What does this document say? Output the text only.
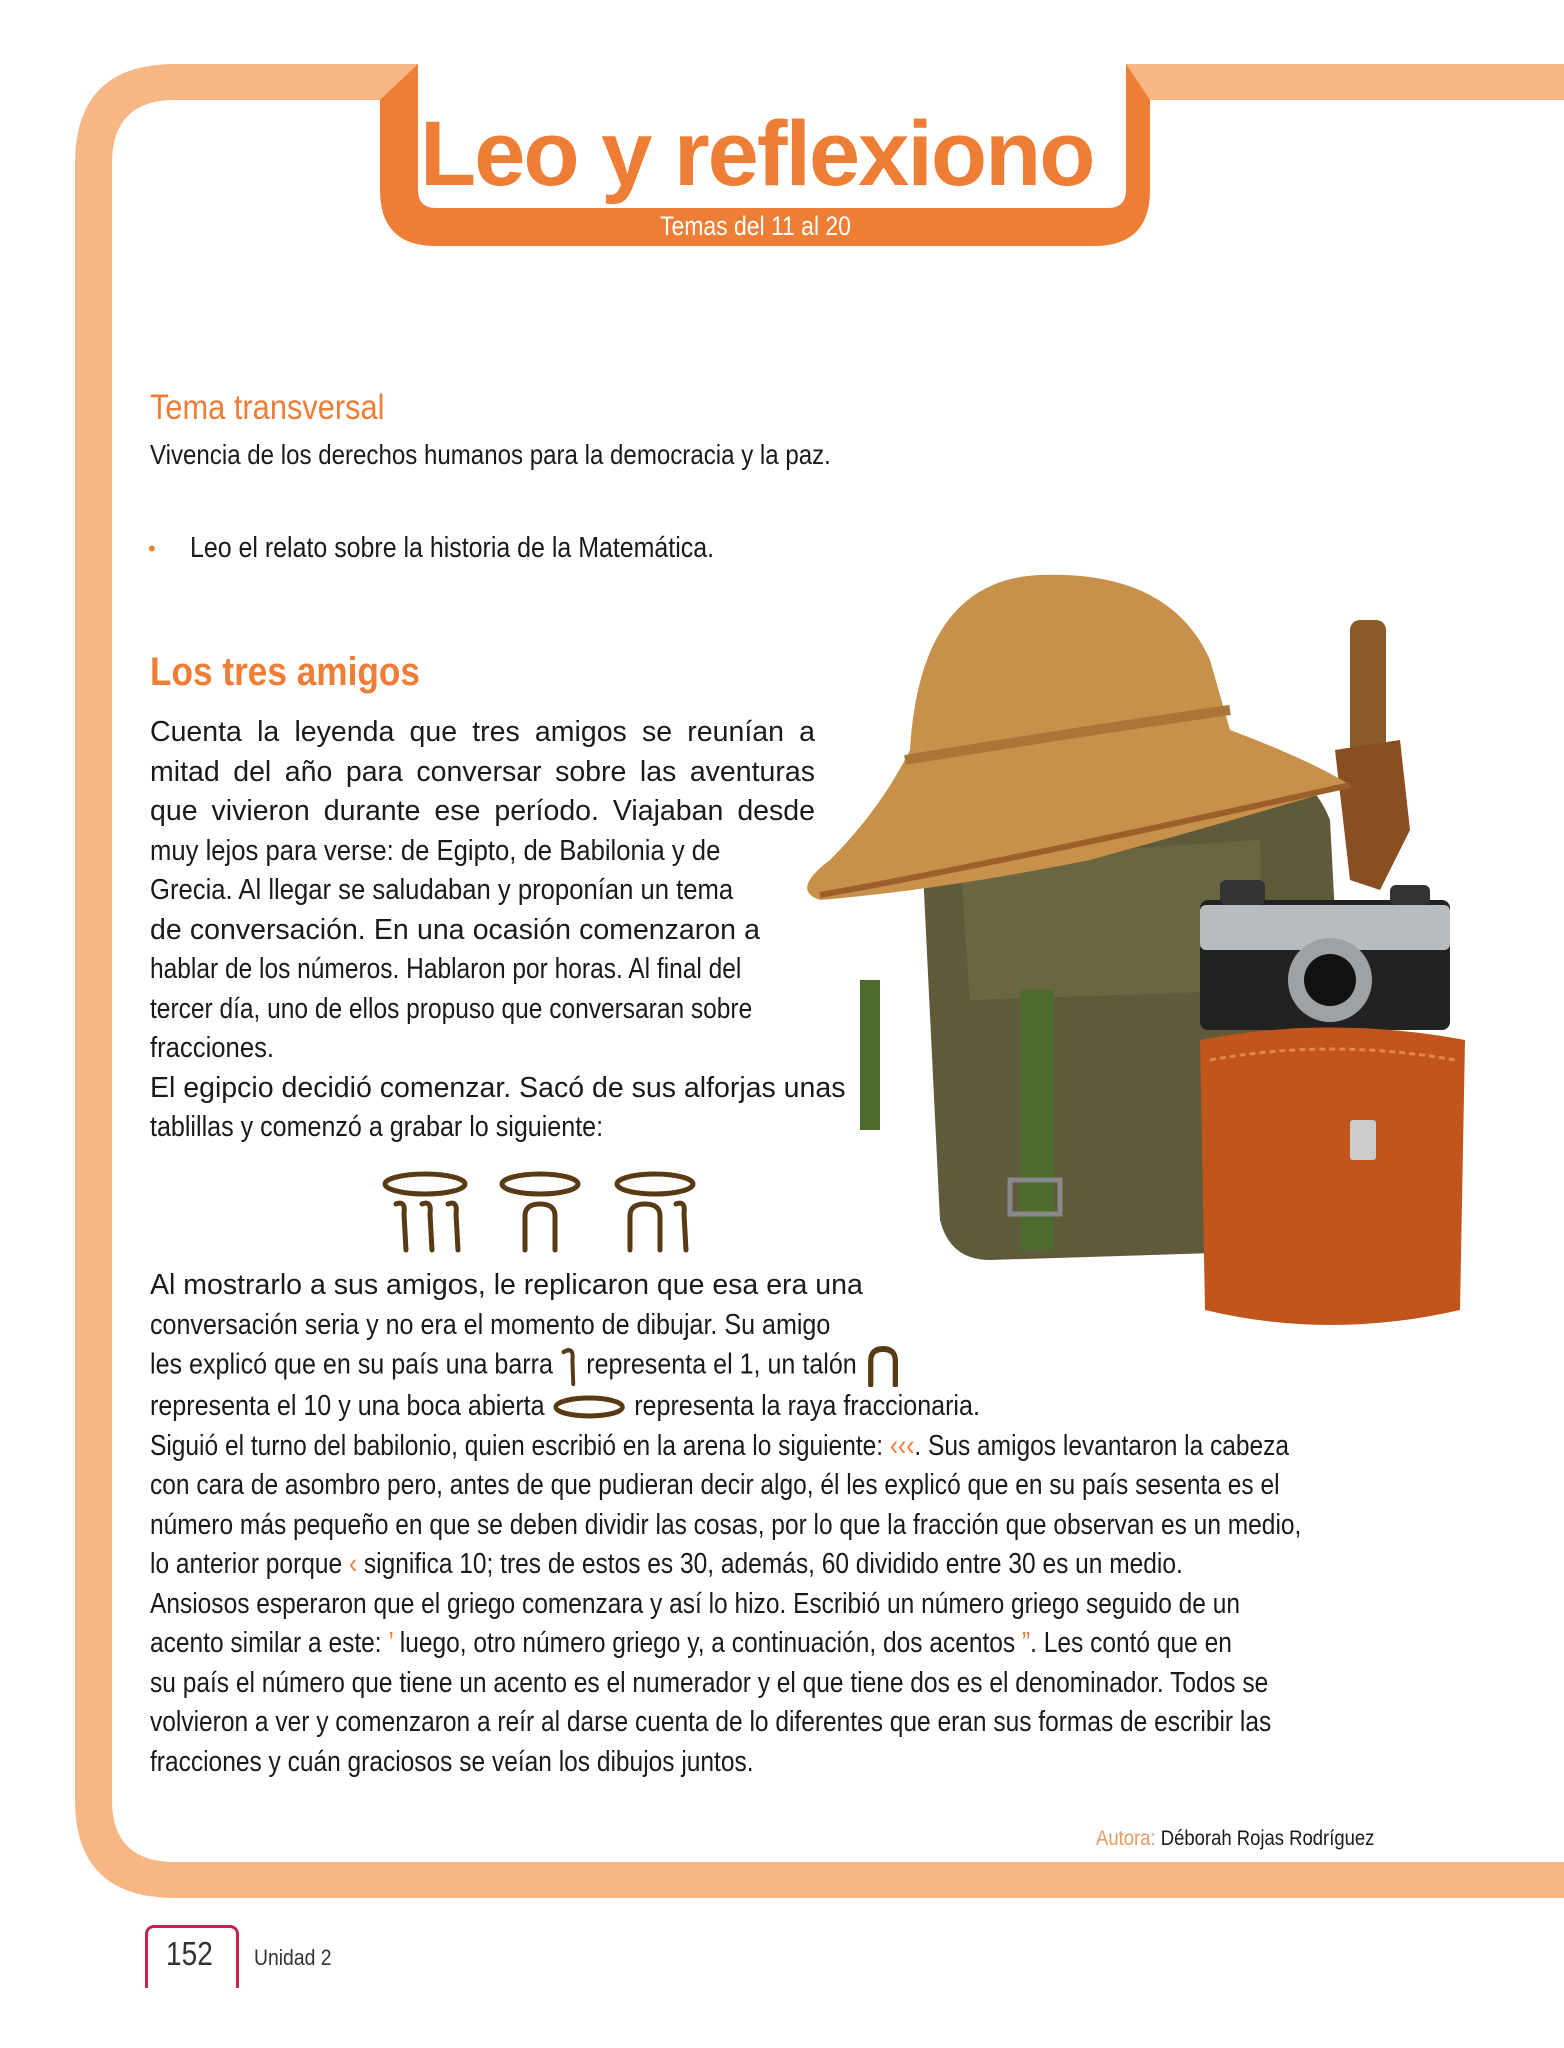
Leo y reflexiono
Temas del 11 al 20
Tema transversal
Vivencia de los derechos humanos para la democracia y la paz.
• Leo el relato sobre la historia de la Matemática.
Los tres amigos
Cuenta la leyenda que tres amigos se reunían a
mitad del año para conversar sobre las aventuras
que vivieron durante ese período. Viajaban desde
muy lejos para verse: de Egipto, de Babilonia y de
Grecia. Al llegar se saludaban y proponían un tema
de conversación. En una ocasión comenzaron a
hablar de los números. Hablaron por horas. Al final del
tercer día, uno de ellos propuso que conversaran sobre
fracciones.
El egipcio decidió comenzar. Sacó de sus alforjas unas
tablillas y comenzó a grabar lo siguiente:
Al mostrarlo a sus amigos, le replicaron que esa era una
conversación seria y no era el momento de dibujar. Su amigo
les explicó que en su país una barra representa el 1, un talón
representa el 10 y una boca abierta	representa la raya fraccionaria.
Siguió el turno del babilonio, quien escribió en la arena lo siguiente: ‹‹‹. Sus amigos levantaron la cabeza
con cara de asombro pero, antes de que pudieran decir algo, él les explicó que en su país sesenta es el
número más pequeño en que se deben dividir las cosas, por lo que la fracción que observan es un medio,
lo anterior porque ‹ significa 10; tres de estos es 30, además, 60 dividido entre 30 es un medio.
Ansiosos esperaron que el griego comenzara y así lo hizo. Escribió un número griego seguido de un
acento similar a este: ’ luego, otro número griego y, a continuación, dos acentos ”. Les contó que en
su país el número que tiene un acento es el numerador y el que tiene dos es el denominador. Todos se
volvieron a ver y comenzaron a reír al darse cuenta de lo diferentes que eran sus formas de escribir las
fracciones y cuán graciosos se veían los dibujos juntos.
Autora: Déborah Rojas Rodríguez
152 Unidad 2
